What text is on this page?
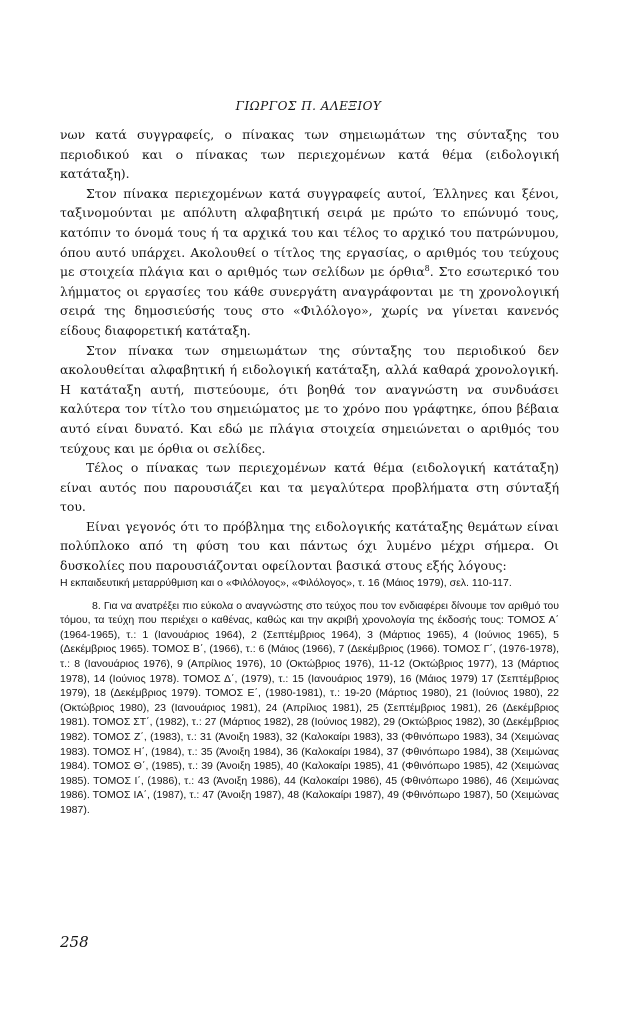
ΓΙΩΡΓΟΣ Π. ΑΛΕΞΙΟΥ

νων κατά συγγραφείς, ο πίνακας των σημειωμάτων της σύνταξης του περιοδικού και ο πίνακας των περιεχομένων κατά θέμα (ειδολογική κατάταξη).

Στον πίνακα περιεχομένων κατά συγγραφείς αυτοί, Έλληνες και ξένοι, ταξινομούνται με απόλυτη αλφαβητική σειρά με πρώτο το επώνυμό τους, κατόπιν το όνομά τους ή τα αρχικά του και τέλος το αρχικό του πατρώνυμου, όπου αυτό υπάρχει. Ακολουθεί ο τίτλος της εργασίας, ο αριθμός του τεύχους με στοιχεία πλάγια και ο αριθμός των σελίδων με όρθια$^8$. Στο εσωτερικό του λήμματος οι εργασίες του κάθε συνεργάτη αναγράφονται με τη χρονολογική σειρά της δημοσιεύσής τους στο «Φιλόλογο», χωρίς να γίνεται κανενός είδους διαφορετική κατάταξη.

Στον πίνακα των σημειωμάτων της σύνταξης του περιοδικού δεν ακολουθείται αλφαβητική ή ειδολογική κατάταξη, αλλά καθαρά χρονολογική. Η κατάταξη αυτή, πιστεύουμε, ότι βοηθά τον αναγνώστη να συνδυάσει καλύτερα τον τίτλο του σημειώματος με το χρόνο που γράφτηκε, όπου βέβαια αυτό είναι δυνατό. Και εδώ με πλάγια στοιχεία σημειώνεται ο αριθμός του τεύχους και με όρθια οι σελίδες.

Τέλος ο πίνακας των περιεχομένων κατά θέμα (ειδολογική κατάταξη) είναι αυτός που παρουσιάζει και τα μεγαλύτερα προβλήματα στη σύνταξή του.

Είναι γεγονός ότι το πρόβλημα της ειδολογικής κατάταξης θεμάτων είναι πολύπλοκο από τη φύση του και πάντως όχι λυμένο μέχρι σήμερα. Οι δυσκολίες που παρουσιάζονται οφείλονται βασικά στους εξής λόγους:

Η εκπαιδευτική μεταρρύθμιση και ο «Φιλόλογος», «Φιλόλογος», τ. 16 (Μάιος 1979), σελ. 110-117.

8. Για να ανατρέξει πιο εύκολα ο αναγνώστης στο τεύχος που τον ενδιαφέρει δίνουμε τον αριθμό του τόμου, τα τεύχη που περιέχει ο καθένας, καθώς και την ακριβή χρονολογία της έκδοσής τους: ΤΟΜΟΣ Α΄ (1964-1965), τ.: 1 (Ιανουάριος 1964), 2 (Σεπτέμβριος 1964), 3 (Μάρτιος 1965), 4 (Ιούνιος 1965), 5 (Δεκέμβριος 1965). ΤΟΜΟΣ Β΄, (1966), τ.: 6 (Μάιος (1966), 7 (Δεκέμβριος (1966). ΤΟΜΟΣ Γ΄, (1976-1978), τ.: 8 (Ιανουάριος 1976), 9 (Απρίλιος 1976), 10 (Οκτώβριος 1976), 11-12 (Οκτώβριος 1977), 13 (Μάρτιος 1978), 14 (Ιούνιος 1978). ΤΟΜΟΣ Δ΄, (1979), τ.: 15 (Ιανουάριος 1979), 16 (Μάιος 1979) 17 (Σεπτέμβριος 1979), 18 (Δεκέμβριος 1979). ΤΟΜΟΣ Ε΄, (1980-1981), τ.: 19-20 (Μάρτιος 1980), 21 (Ιούνιος 1980), 22 (Οκτώβριος 1980), 23 (Ιανουάριος 1981), 24 (Απρίλιος 1981), 25 (Σεπτέμβριος 1981), 26 (Δεκέμβριος 1981). ΤΟΜΟΣ ΣΤ΄, (1982), τ.: 27 (Μάρτιος 1982), 28 (Ιούνιος 1982), 29 (Οκτώβριος 1982), 30 (Δεκέμβριος 1982). ΤΟΜΟΣ Ζ΄, (1983), τ.: 31 (Άνοιξη 1983), 32 (Καλοκαίρι 1983), 33 (Φθινόπωρο 1983), 34 (Χειμώνας 1983). ΤΟΜΟΣ Η΄, (1984), τ.: 35 (Άνοιξη 1984), 36 (Καλοκαίρι 1984), 37 (Φθινόπωρο 1984), 38 (Χειμώνας 1984). ΤΟΜΟΣ Θ΄, (1985), τ.: 39 (Άνοιξη 1985), 40 (Καλοκαίρι 1985), 41 (Φθινόπωρο 1985), 42 (Χειμώνας 1985). ΤΟΜΟΣ Ι΄, (1986), τ.: 43 (Άνοιξη 1986), 44 (Καλοκαίρι 1986), 45 (Φθινόπωρο 1986), 46 (Χειμώνας 1986). ΤΟΜΟΣ ΙΑ΄, (1987), τ.: 47 (Άνοιξη 1987), 48 (Καλοκαίρι 1987), 49 (Φθινόπωρο 1987), 50 (Χειμώνας 1987).

258
